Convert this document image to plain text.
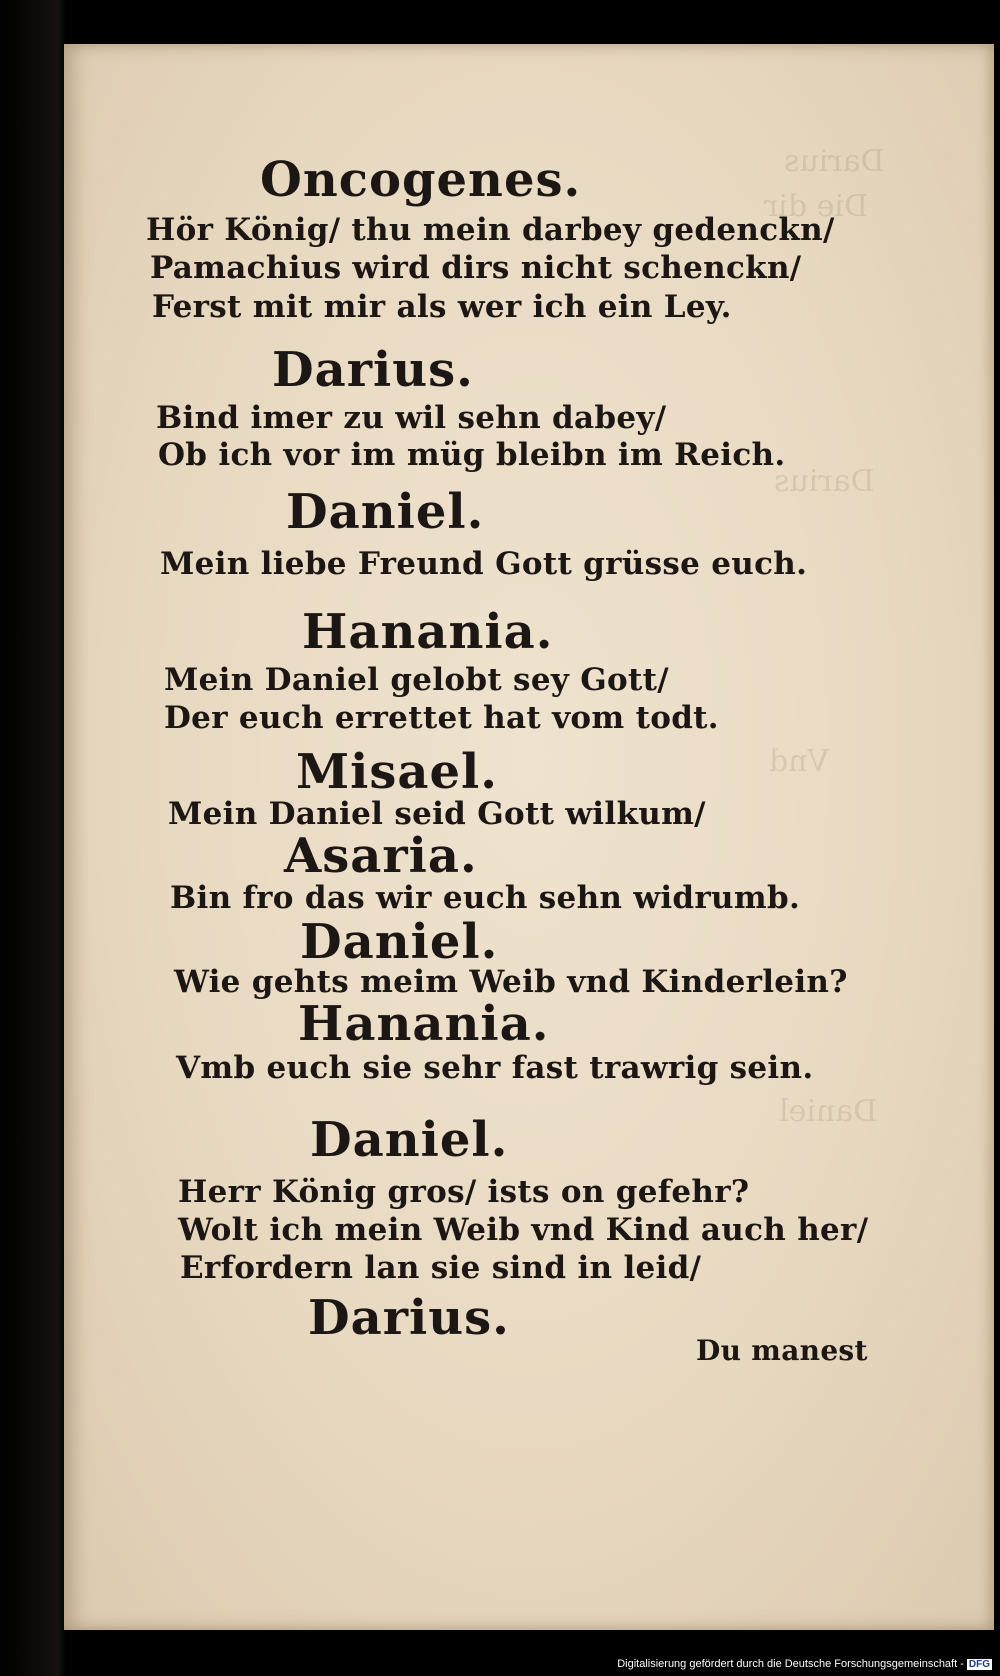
Darius
Die dir
Darius
Vnd
Daniel

Oncogenes.

Hör König/ thu mein darbey gedenckn/

Pamachius wird dirs nicht schenckn/

Ferst mit mir als wer ich ein Ley.

Darius.

Bind imer zu wil sehn dabey/

Ob ich vor im müg bleibn im Reich.

Daniel.

Mein liebe Freund Gott grüsse euch.

Hanania.

Mein Daniel gelobt sey Gott/

Der euch errettet hat vom todt.

Misael.

Mein Daniel seid Gott wilkum/

Asaria.

Bin fro das wir euch sehn widrumb.

Daniel.

Wie gehts meim Weib vnd Kinderlein?

Hanania.

Vmb euch sie sehr fast trawrig sein.

Daniel.

Herr König gros/ ists on gefehr?

Wolt ich mein Weib vnd Kind auch her/

Erfordern lan sie sind in leid/

Darius.

Du manest

Digitalisierung gefördert durch die Deutsche Forschungsgemeinschaft - DFG
